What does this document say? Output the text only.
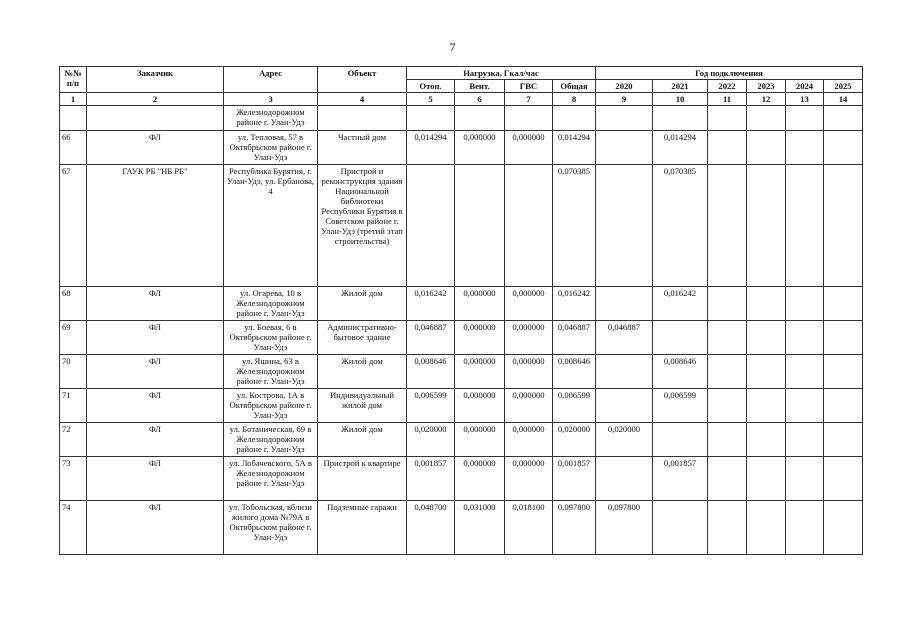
7
№№ п/п	Заказчик	Адрес	Объект	Нагрузка, Гкал/час				Год подключения					
				Отоп.	Вент.	ГВС	Общая	2020	2021	2022	2023	2024	2025
1	2	3	4	5	6	7	8	9	10	11	12	13	14
		Железнодорожном районе г. Улан-Удэ											
66	ФЛ	ул. Тепловая, 57 в Октябрьском районе г. Улан-Удэ	Частный дом	0,014294	0,000000	0,000000	0,014294		0,014294				
67	ГАУК РБ "НБ РБ"	Республика Бурятия, г. Улан-Удэ, ул. Ербанова, 4	Пристрой и реконструкция здания Национальной библиотеки Республики Бурятия в Советском районе г. Улан-Удэ (третий этап строительства)				0,070385		0,070385				
68	ФЛ	ул. Огарева, 10 в Железнодорожном районе г. Улан-Удэ	Жилой дом	0,016242	0,000000	0,000000	0,016242		0,016242				
69	ФЛ	ул. Боевая, 6 в Октябрьском районе г. Улан-Удэ	Административно-бытовое здание	0,046887	0,000000	0,000000	0,046887	0,046887					
70	ФЛ	ул. Яшина, 63 в Железнодорожном районе г. Улан-Удэ	Жилой дом	0,008646	0,000000	0,000000	0,008646		0,008646				
71	ФЛ	ул. Кострова, 1А в Октябрьском районе г. Улан-Удэ	Индивидуальный жилой дом	0,006599	0,000000	0,000000	0,006599		0,006599				
72	ФЛ	ул. Ботаническая, 69 в Железнодорожном районе г. Улан-Удэ	Жилой дом	0,020000	0,000000	0,000000	0,020000	0,020000					
73	ФЛ	ул. Лобачевского, 5А в Железнодорожном районе г. Улан-Удэ	Пристрой к квартире	0,001857	0,000000	0,000000	0,001857		0,001857				
74	ФЛ	ул. Тобольская, вблизи жилого дома №79А в Октябрьском районе г. Улан-Удэ	Подземные гаражи	0,048700	0,031000	0,018100	0,097800	0,097800					
